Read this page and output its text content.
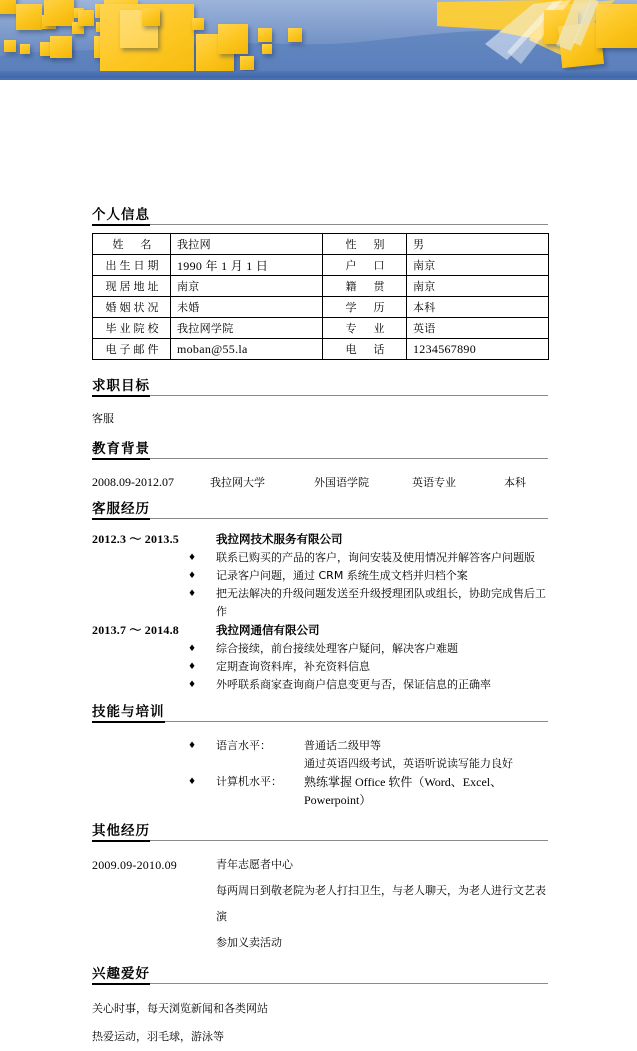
个人信息
姓　名	我拉网	性　别	男
出生日期	1990 年 1 月 1 日	户　口	南京
现居地址	南京	籍　贯	南京
婚姻状况	未婚	学　历	本科
毕业院校	我拉网学院	专　业	英语
电子邮件	moban@55.la	电　话	1234567890
求职目标
客服
教育背景
2008.09-2012.07	我拉网大学	外国语学院	英语专业	本科
客服经历
2012.3 ～ 2013.5	我拉网技术服务有限公司
♦ 联系已购买的产品的客户，询问安装及使用情况并解答客户问题版
♦ 记录客户问题，通过 CRM 系统生成文档并归档个案
♦ 把无法解决的升级问题发送至升级授理团队或组长，协助完成售后工作
2013.7 ～ 2014.8	我拉网通信有限公司
♦ 综合接续，前台接续处理客户疑问，解决客户难题
♦ 定期查询资料库，补充资料信息
♦ 外呼联系商家查询商户信息变更与否，保证信息的正确率
技能与培训
♦ 语言水平：	普通话二级甲等
通过英语四级考试，英语听说读写能力良好
♦ 计算机水平：	熟练掌握 Office 软件（Word、Excel、Powerpoint）
其他经历
2009.09-2010.09	青年志愿者中心
每两周日到敬老院为老人打扫卫生，与老人聊天，为老人进行文艺表演
参加义卖活动
兴趣爱好
关心时事，每天浏览新闻和各类网站
热爱运动，羽毛球，游泳等
